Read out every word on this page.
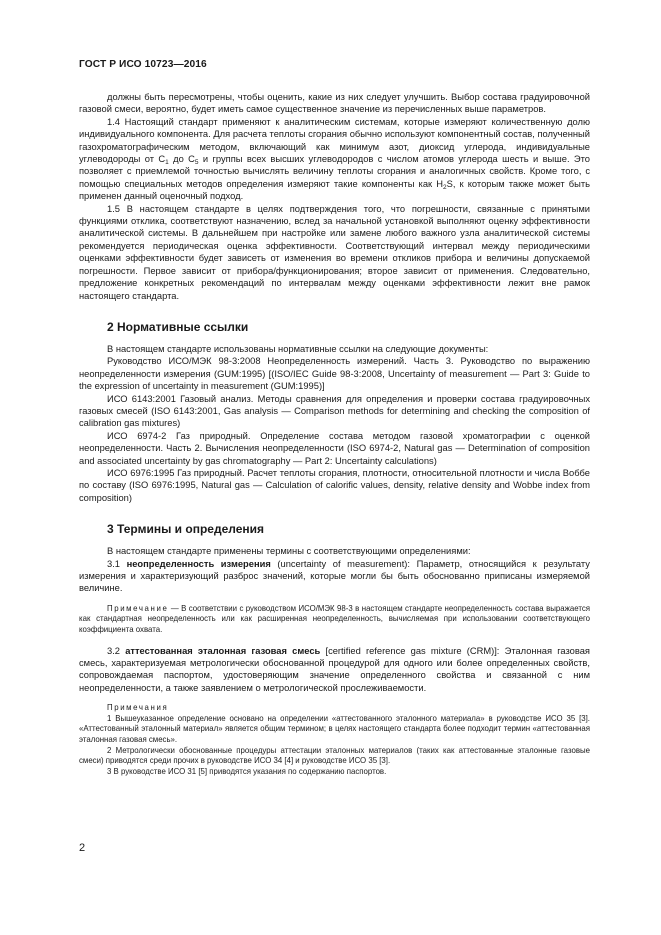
ГОСТ Р ИСО 10723—2016

должны быть пересмотрены, чтобы оценить, какие из них следует улучшить. Выбор состава градуировочной газовой смеси, вероятно, будет иметь самое существенное значение из перечисленных выше параметров.

1.4 Настоящий стандарт применяют к аналитическим системам, которые измеряют количественную долю индивидуального компонента. Для расчета теплоты сгорания обычно используют компонентный состав, полученный газохроматографическим методом, включающий как минимум азот, диоксид углерода, индивидуальные углеводороды от $C_1$ до $C_5$ и группы всех высших углеводородов с числом атомов углерода шесть и выше. Это позволяет с приемлемой точностью вычислять величину теплоты сгорания и аналогичных свойств. Кроме того, с помощью специальных методов определения измеряют такие компоненты как $H_2S$, к которым также может быть применен данный оценочный подход.

1.5 В настоящем стандарте в целях подтверждения того, что погрешности, связанные с принятыми функциями отклика, соответствуют назначению, вслед за начальной установкой выполняют оценку эффективности аналитической системы. В дальнейшем при настройке или замене любого важного узла аналитической системы рекомендуется периодическая оценка эффективности. Соответствующий интервал между периодическими оценками эффективности будет зависеть от изменения во времени откликов прибора и величины допускаемой погрешности. Первое зависит от прибора/функционирования; второе зависит от применения. Следовательно, предложение конкретных рекомендаций по интервалам между оценками эффективности лежит вне рамок настоящего стандарта.

2 Нормативные ссылки

В настоящем стандарте использованы нормативные ссылки на следующие документы:

Руководство ИСО/МЭК 98-3:2008 Неопределенность измерений. Часть 3. Руководство по выражению неопределенности измерения (GUM:1995) [(ISO/IEC Guide 98-3:2008, Uncertainty of measurement — Part 3: Guide to the expression of uncertainty in measurement (GUM:1995)]

ИСО 6143:2001 Газовый анализ. Методы сравнения для определения и проверки состава градуировочных газовых смесей (ISO 6143:2001, Gas analysis — Comparison methods for determining and checking the composition of calibration gas mixtures)

ИСО 6974-2 Газ природный. Определение состава методом газовой хроматографии с оценкой неопределенности. Часть 2. Вычисления неопределенности (ISO 6974-2, Natural gas — Determination of composition and associated uncertainty by gas chromatography — Part 2: Uncertainty calculations)

ИСО 6976:1995 Газ природный. Расчет теплоты сгорания, плотности, относительной плотности и числа Воббе по составу (ISO 6976:1995, Natural gas — Calculation of calorific values, density, relative density and Wobbe index from composition)

3 Термины и определения

В настоящем стандарте применены термины с соответствующими определениями:

3.1 неопределенность измерения (uncertainty of measurement): Параметр, относящийся к результату измерения и характеризующий разброс значений, которые могли бы быть обоснованно приписаны измеряемой величине.

Примечание — В соответствии с руководством ИСО/МЭК 98-3 в настоящем стандарте неопределенность состава выражается как стандартная неопределенность или как расширенная неопределенность, вычисляемая при использовании соответствующего коэффициента охвата.

3.2 аттестованная эталонная газовая смесь [certified reference gas mixture (CRM)]: Эталонная газовая смесь, характеризуемая метрологически обоснованной процедурой для одного или более определенных свойств, сопровождаемая паспортом, удостоверяющим значение определенного свойства и связанной с ним неопределенности, а также заявлением о метрологической прослеживаемости.

Примечания

1 Вышеуказанное определение основано на определении «аттестованного эталонного материала» в руководстве ИСО 35 [3]. «Аттестованный эталонный материал» является общим термином; в целях настоящего стандарта более подходит термин «аттестованная эталонная газовая смесь».

2 Метрологически обоснованные процедуры аттестации эталонных материалов (таких как аттестованные эталонные газовые смеси) приводятся среди прочих в руководстве ИСО 34 [4] и руководстве ИСО 35 [3].

3 В руководстве ИСО 31 [5] приводятся указания по содержанию паспортов.

2
